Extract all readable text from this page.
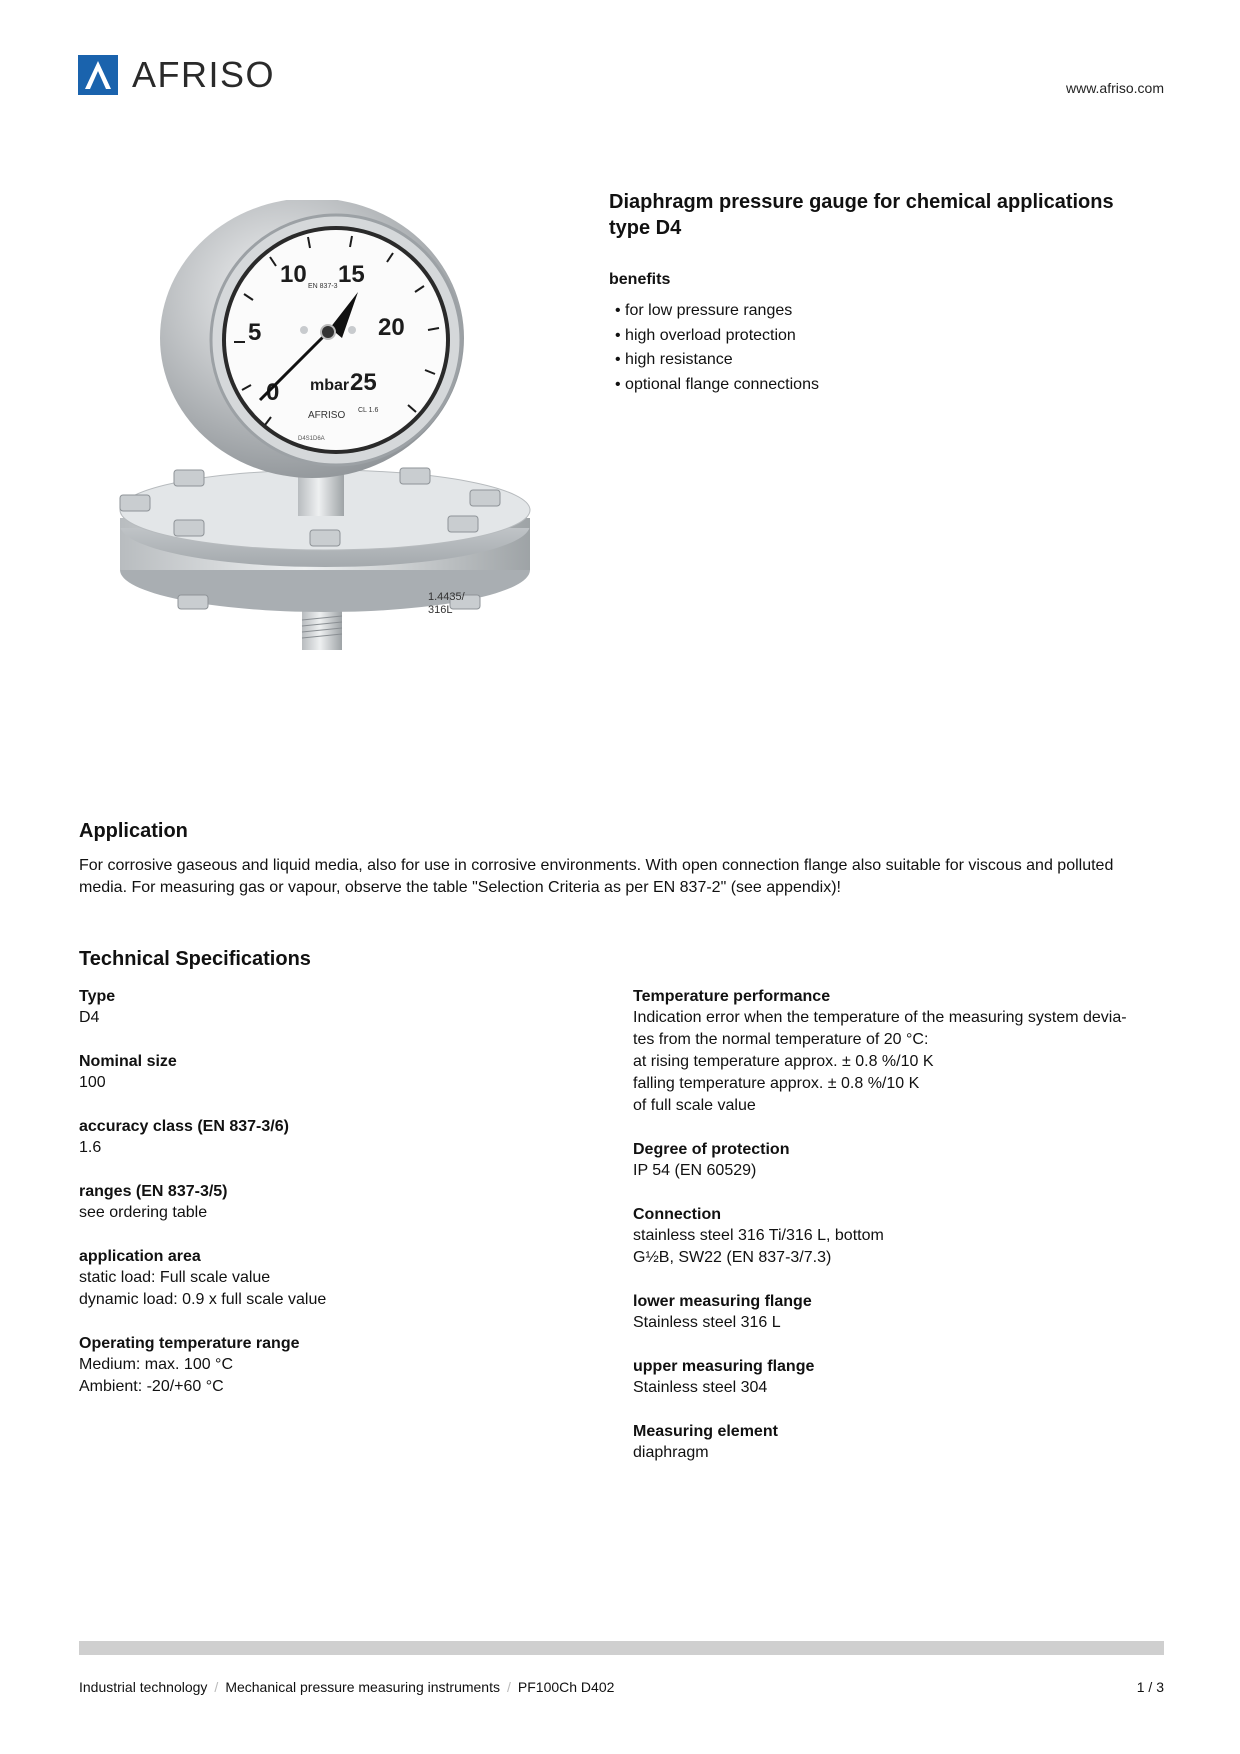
AFRISO	www.afriso.com
1.4435/
316L
0
5
10 15
20
25
mbar
EN 837-3
CL 1.6
AFRISO
D4S1D6A
Diaphragm pressure gauge for chemical applications
type D4
benefits
• for low pressure ranges
• high overload protection
• high resistance
• optional flange connections
Application

For corrosive gaseous and liquid media, also for use in corrosive environments. With open connection flange also suitable for viscous and polluted
media. For measuring gas or vapour, observe the table "Selection Criteria as per EN 837-2" (see appendix)!

Technical Specifications
Type
D4
Nominal size
100
accuracy class (EN 837-3/6)
1.6
ranges (EN 837-3/5)
see ordering table
application area
static load: Full scale value
dynamic load: 0.9 x full scale value
Operating temperature range
Medium: max. 100 °C
Ambient: -20/+60 °C
Temperature performance
Indication error when the temperature of the measuring system devia-
tes from the normal temperature of 20 °C:
at rising temperature approx. ± 0.8 %/10 K
falling temperature approx. ± 0.8 %/10 K
of full scale value
Degree of protection
IP 54 (EN 60529)
Connection
stainless steel 316 Ti/316 L, bottom
G½B, SW22 (EN 837-3/7.3)
lower measuring flange
Stainless steel 316 L
upper measuring flange
Stainless steel 304
Measuring element
diaphragm
Industrial technology / Mechanical pressure measuring instruments / PF100Ch D402	1 / 3
